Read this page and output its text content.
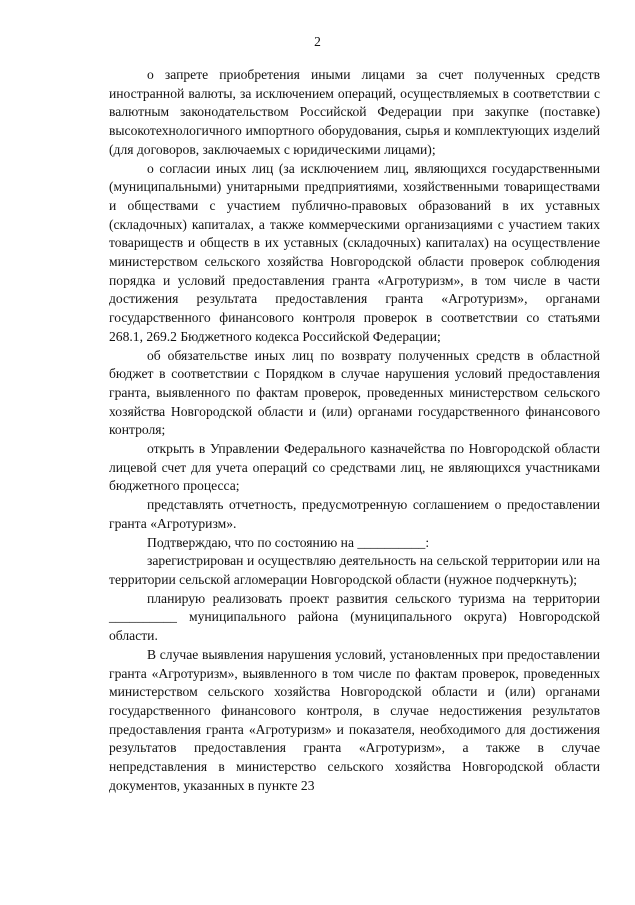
2

о запрете приобретения иными лицами за счет полученных средств иностранной валюты, за исключением операций, осуществляемых в соответствии с валютным законодательством Российской Федерации при закупке (поставке) высокотехнологичного импортного оборудования, сырья и комплектующих изделий (для договоров, заключаемых с юридическими лицами);

о согласии иных лиц (за исключением лиц, являющихся государственными (муниципальными) унитарными предприятиями, хозяйственными товариществами и обществами с участием публично-правовых образований в их уставных (складочных) капиталах, а также коммерческими организациями с участием таких товариществ и обществ в их уставных (складочных) капиталах) на осуществление министерством сельского хозяйства Новгородской области проверок соблюдения порядка и условий предоставления гранта «Агротуризм», в том числе в части достижения результата предоставления гранта «Агротуризм», органами государственного финансового контроля проверок в соответствии со статьями 268.1, 269.2 Бюджетного кодекса Российской Федерации;

об обязательстве иных лиц по возврату полученных средств в областной бюджет в соответствии с Порядком в случае нарушения условий предоставления гранта, выявленного по фактам проверок, проведенных министерством сельского хозяйства Новгородской области и (или) органами государственного финансового контроля;

открыть в Управлении Федерального казначейства по Новгородской области лицевой счет для учета операций со средствами лиц, не являющихся участниками бюджетного процесса;

представлять отчетность, предусмотренную соглашением о предоставлении гранта «Агротуризм».

Подтверждаю, что по состоянию на __________:

зарегистрирован и осуществляю деятельность на сельской территории или на территории сельской агломерации Новгородской области (нужное подчеркнуть);

планирую реализовать проект развития сельского туризма на территории __________ муниципального района (муниципального округа) Новгородской области.

В случае выявления нарушения условий, установленных при предоставлении гранта «Агротуризм», выявленного в том числе по фактам проверок, проведенных министерством сельского хозяйства Новгородской области и (или) органами государственного финансового контроля, в случае недостижения результатов предоставления гранта «Агротуризм» и показателя, необходимого для достижения результатов предоставления гранта «Агротуризм», а также в случае непредставления в министерство сельского хозяйства Новгородской области документов, указанных в пункте 23
